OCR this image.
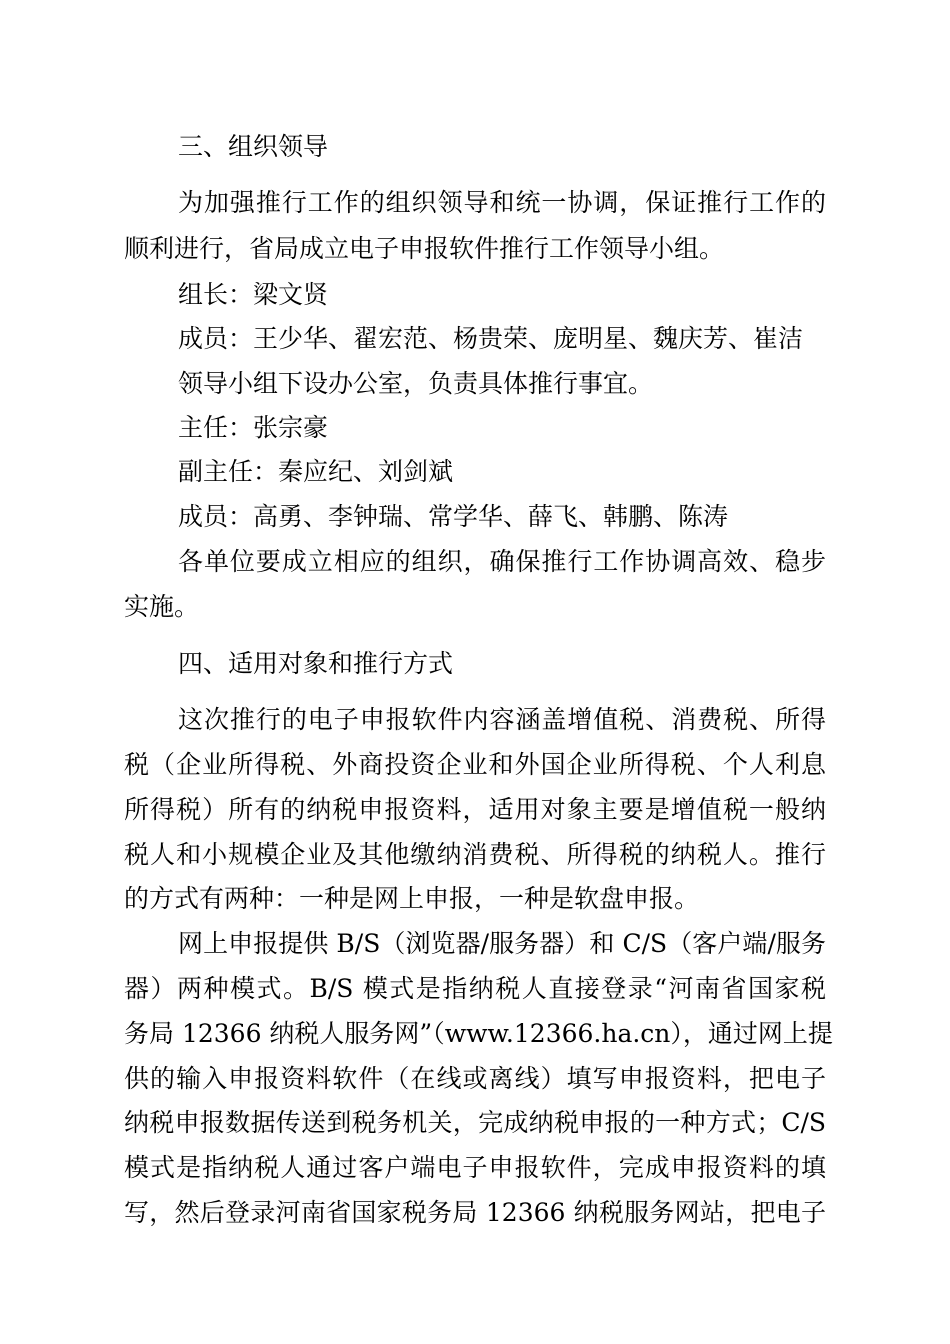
三、组织领导
为加强推行工作的组织领导和统一协调，保证推行工作的
顺利进行，省局成立电子申报软件推行工作领导小组。
组长：梁文贤
成员：王少华、翟宏范、杨贵荣、庞明星、魏庆芳、崔洁
领导小组下设办公室，负责具体推行事宜。
主任：张宗豪
副主任：秦应纪、刘剑斌
成员：高勇、李钟瑞、常学华、薛飞、韩鹏、陈涛
各单位要成立相应的组织，确保推行工作协调高效、稳步
实施。
四、适用对象和推行方式
这次推行的电子申报软件内容涵盖增值税、消费税、所得
税（企业所得税、外商投资企业和外国企业所得税、个人利息
所得税）所有的纳税申报资料，适用对象主要是增值税一般纳
税人和小规模企业及其他缴纳消费税、所得税的纳税人。推行
的方式有两种：一种是网上申报，一种是软盘申报。
网上申报提供 B/S（浏览器/服务器）和 C/S（客户端/服务
器）两种模式。B/S 模式是指纳税人直接登录“河南省国家税
务局 12366 纳税人服务网”（www.12366.ha.cn），通过网上提
供的输入申报资料软件（在线或离线）填写申报资料，把电子
纳税申报数据传送到税务机关，完成纳税申报的一种方式；C/S
模式是指纳税人通过客户端电子申报软件，完成申报资料的填
写，然后登录河南省国家税务局 12366 纳税服务网站，把电子
